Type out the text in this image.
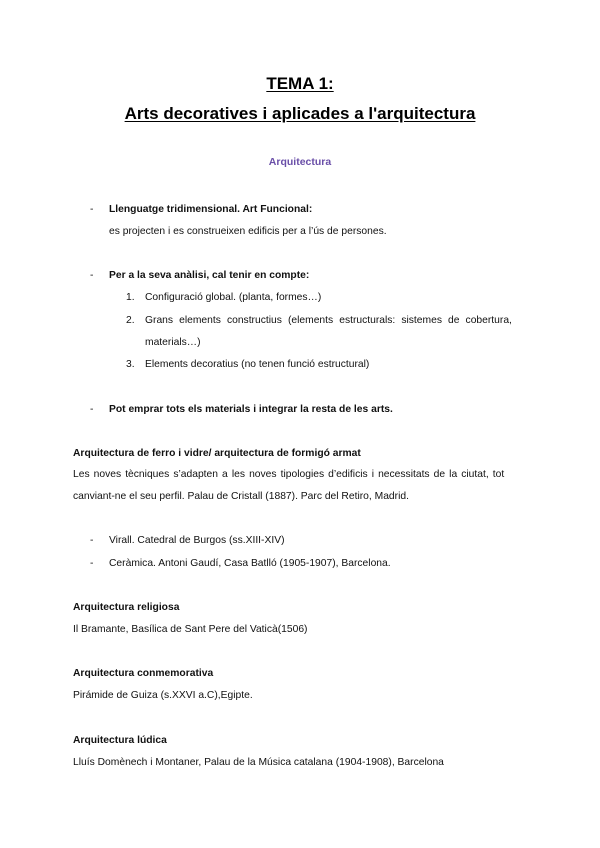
TEMA 1:
Arts decoratives i aplicades a l'arquitectura
Arquitectura
- Llenguatge tridimensional. Art Funcional:
es projecten i es construeixen edificis per a l’ús de persones.
- Per a la seva anàlisi, cal tenir en compte:
1. Configuració global. (planta, formes…)
2. Grans elements constructius (elements estructurals: sistemes de cobertura,
materials…)
3. Elements decoratius (no tenen funció estructural)
- Pot emprar tots els materials i integrar la resta de les arts.
Arquitectura de ferro i vidre/ arquitectura de formigó armat
Les noves tècniques s’adapten a les noves tipologies d’edificis i necessitats de la ciutat, tot
canviant-ne el seu perfil. Palau de Cristall (1887). Parc del Retiro, Madrid.
- Virall. Catedral de Burgos (ss.XIII-XIV)
- Ceràmica. Antoni Gaudí, Casa Batlló (1905-1907), Barcelona.
Arquitectura religiosa
Il Bramante, Basílica de Sant Pere del Vaticà(1506)
Arquitectura conmemorativa
Pirámide de Guiza (s.XXVI a.C),Egipte.
Arquitectura lúdica
Lluís Domènech i Montaner, Palau de la Música catalana (1904-1908), Barcelona
